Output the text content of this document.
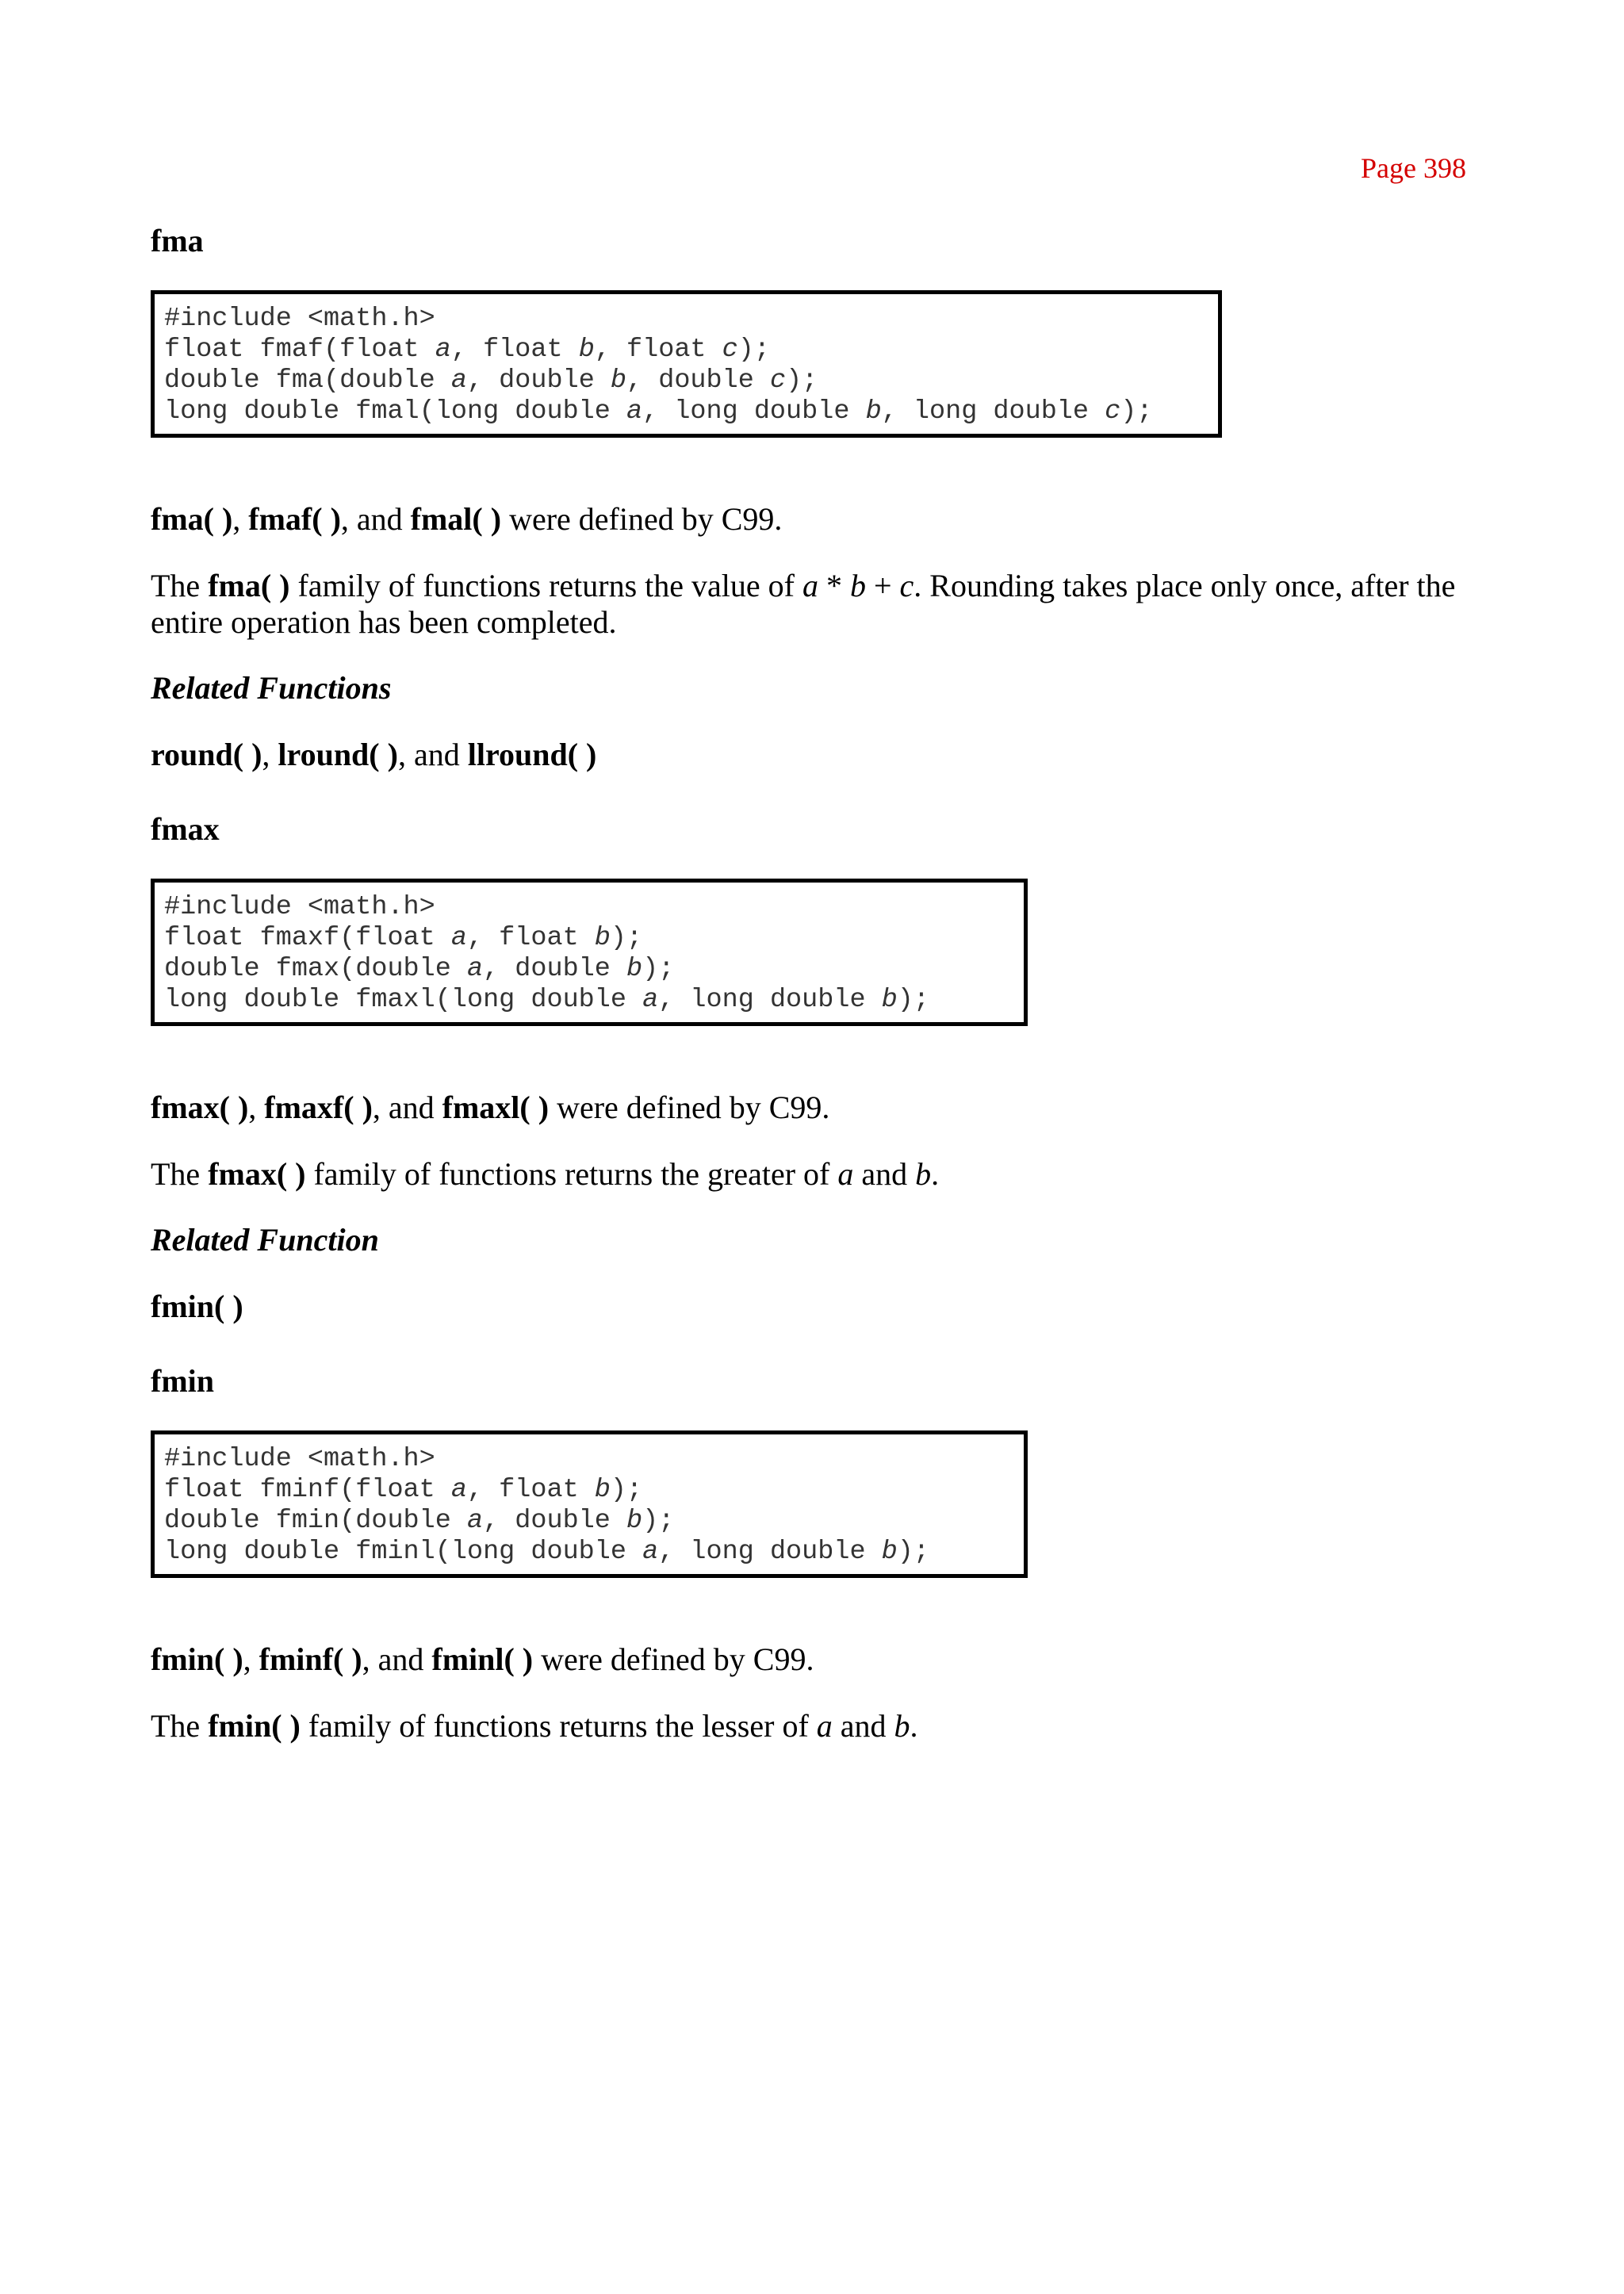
Page 398
fma
#include <math.h>
float fmaf(float a, float b, float c);
double fma(double a, double b, double c);
long double fmal(long double a, long double b, long double c);
fma( ), fmaf( ), and fmal( ) were defined by C99.
The fma( ) family of functions returns the value of a * b + c. Rounding takes place only once, after the entire operation has been completed.
Related Functions
round( ), lround( ), and llround( )
fmax
#include <math.h>
float fmaxf(float a, float b);
double fmax(double a, double b);
long double fmaxl(long double a, long double b);
fmax( ), fmaxf( ), and fmaxl( ) were defined by C99.
The fmax( ) family of functions returns the greater of a and b.
Related Function
fmin( )
fmin
#include <math.h>
float fminf(float a, float b);
double fmin(double a, double b);
long double fminl(long double a, long double b);
fmin( ), fminf( ), and fminl( ) were defined by C99.
The fmin( ) family of functions returns the lesser of a and b.
